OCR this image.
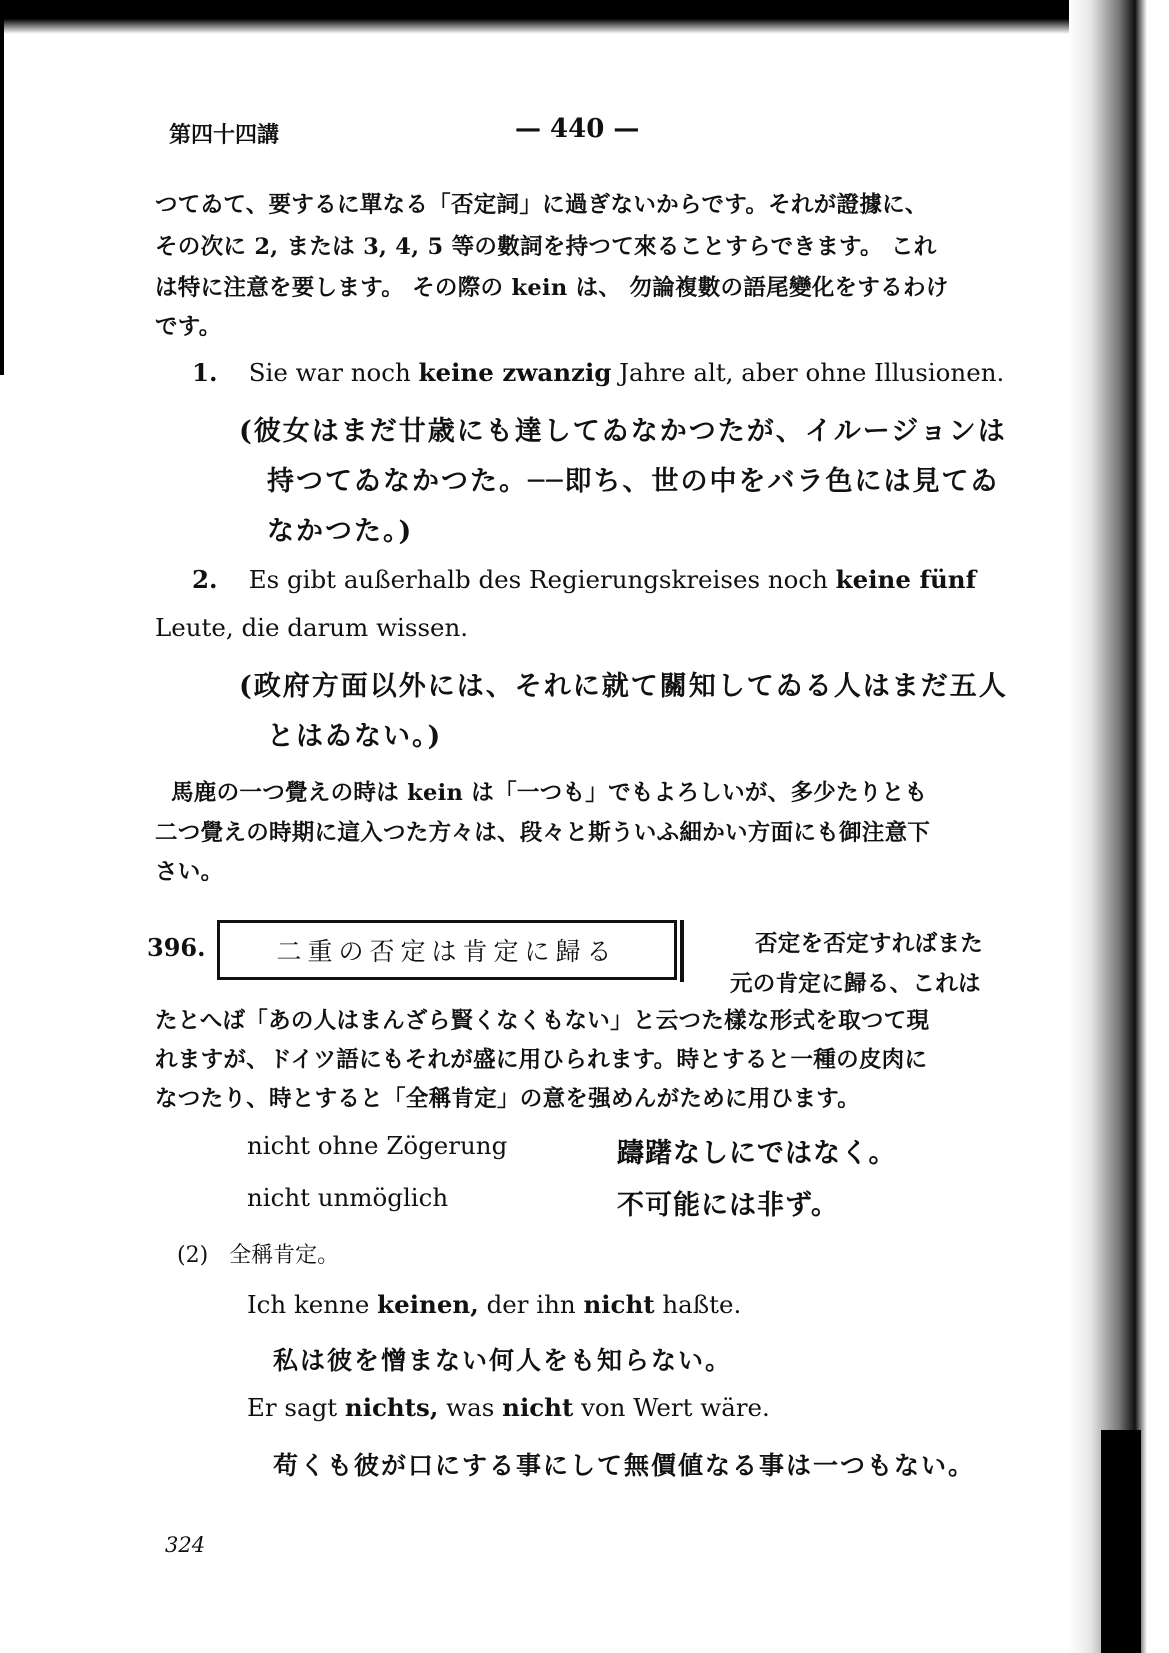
第四十四講	— 440 —
つてゐて、要するに單なる「否定詞」に過ぎないからです。それが證據に、
その次に 2, または 3, 4, 5 等の數詞を持つて來ることすらできます。 これ
は特に注意を要します。 その際の kein は、 勿論複數の語尾變化をするわけ
です。
1. Sie war noch keine zwanzig Jahre alt, aber ohne Illusionen.
(彼女はまだ廿歳にも達してゐなかつたが、イルージョンは
持つてゐなかつた。──即ち、世の中をバラ色には見てゐ
なかつた。)
2. Es gibt außerhalb des Regierungskreises noch keine fünf
Leute, die darum wissen.
(政府方面以外には、それに就て關知してゐる人はまだ五人
とはゐない。)
馬鹿の一つ覺えの時は kein は「一つも」でもよろしいが、多少たりとも
二つ覺えの時期に這入つた方々は、段々と斯ういふ細かい方面にも御注意下
さい。
396.	二重の否定は肯定に歸る	否定を否定すればまた
元の肯定に歸る、これは
たとへば「あの人はまんざら賢くなくもない」と云つた樣な形式を取つて現
れますが、ドイツ語にもそれが盛に用ひられます。時とすると一種の皮肉に
なつたり、時とすると「全稱肯定」の意を强めんがために用ひます。
nicht ohne Zögerung	躊躇なしにではなく。
nicht unmöglich	不可能には非ず。
(2) 全稱肯定。
Ich kenne keinen, der ihn nicht haßte.
私は彼を憎まない何人をも知らない。
Er sagt nichts, was nicht von Wert wäre.
苟くも彼が口にする事にして無價値なる事は一つもない。
324
